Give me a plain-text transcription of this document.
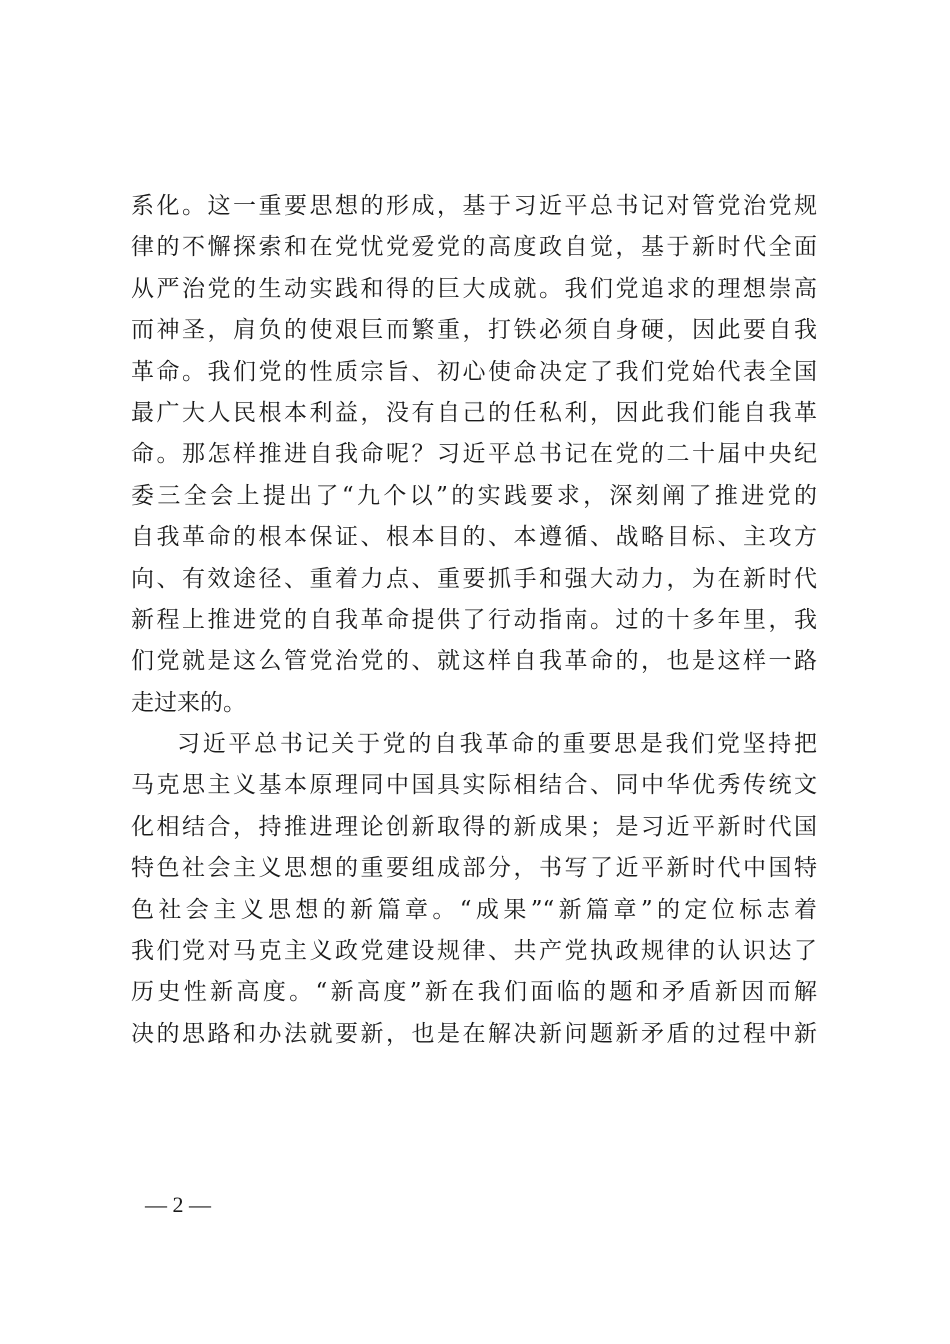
系化。这一重要思想的形成，基于习近平总书记对管党治党规
律的不懈探索和在党忧党爱党的高度政自觉，基于新时代全面
从严治党的生动实践和得的巨大成就。我们党追求的理想崇高
而神圣，肩负的使艰巨而繁重，打铁必须自身硬，因此要自我
革命。我们党的性质宗旨、初心使命决定了我们党始代表全国
最广大人民根本利益，没有自己的任私利，因此我们能自我革
命。那怎样推进自我命呢？习近平总书记在党的二十届中央纪
委三全会上提出了“九个以”的实践要求，深刻阐了推进党的
自我革命的根本保证、根本目的、本遵循、战略目标、主攻方
向、有效途径、重着力点、重要抓手和强大动力，为在新时代
新程上推进党的自我革命提供了行动指南。过的十多年里，我
们党就是这么管党治党的、就这样自我革命的，也是这样一路
走过来的。
习近平总书记关于党的自我革命的重要思是我们党坚持把
马克思主义基本原理同中国具实际相结合、同中华优秀传统文
化相结合，持推进理论创新取得的新成果；是习近平新时代国
特色社会主义思想的重要组成部分，书写了近平新时代中国特
色社会主义思想的新篇章。“成果”“新篇章”的定位标志着
我们党对马克主义政党建设规律、共产党执政规律的认识达了
历史性新高度。“新高度”新在我们面临的题和矛盾新因而解
决的思路和办法就要新，也是在解决新问题新矛盾的过程中新
— 2 —
